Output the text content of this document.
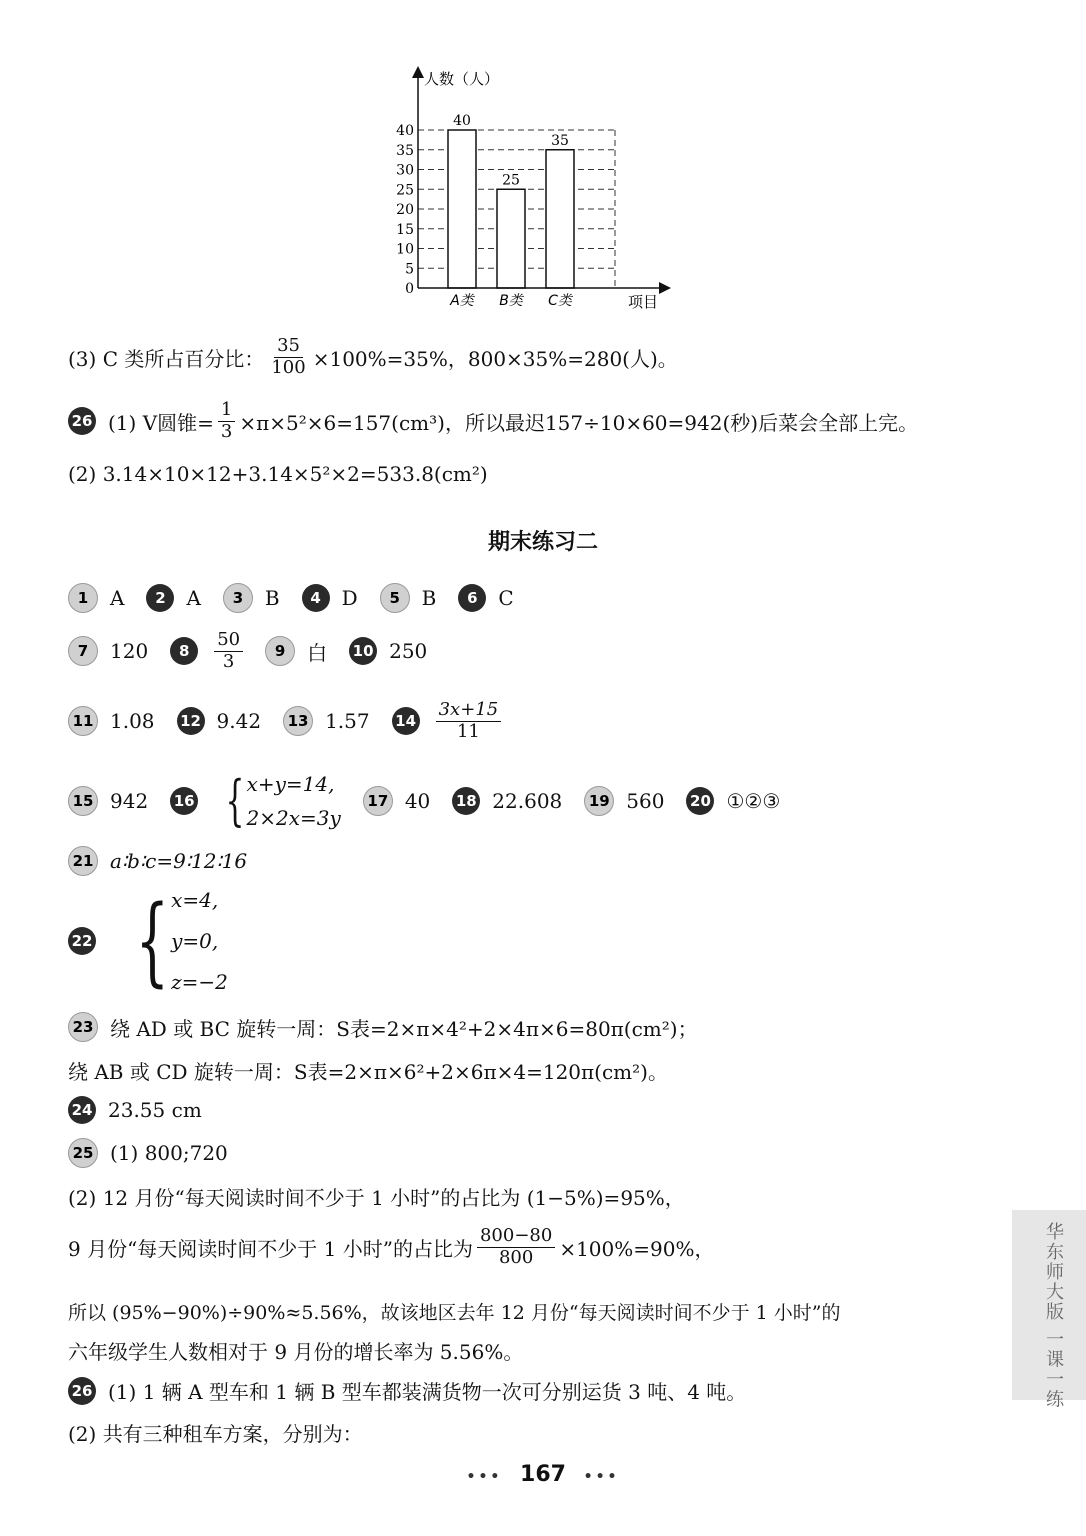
40
25
35
人数（人）
项目
0
5
10
15
20
25
30
35
40
A类 B类 C类
(3) C 类所占百分比： $\frac{35}{100} \times 100\%=35\%$，800×35%=280(人)。
26 (1) V圆锥= $\frac{1}{3} \times\pi\times 5^2\times 6=157(cm^3)$，所以最迟157÷10×60=942(秒)后菜会全部上完。
(2) 3.14×10×12+3.14×5²×2=533.8(cm²)
期末练习二
1	A	2	A	3	B	4	D	5	B	6	C
7	120	8	$\frac{50}{3}$	9	白 10 250
11 1.08 12 9.42	13 1.57 $14 \frac{3x+15}{11}$
15 942 16 { x+y=14,
2×2x=3y
17 40 18 22.608	19 560 20 ①②③
21 a∶b∶c=9∶12∶16
22 { x=4,
y=0,
z=−2
23 绕 AD 或 BC 旋转一周：S表=2×π×4²+2×4π×6=80π(cm²)；
绕 AB 或 CD 旋转一周：S表=2×π×6²+2×6π×4=120π(cm²)。
24 23.55 cm
25 (1) 800;720
(2) 12 月份“每天阅读时间不少于 1 小时”的占比为 (1−5%)=95%，
9 月份“每天阅读时间不少于 1 小时”的占比为 $\frac{800-80}{800} \times 100\%=90\%$，
所以 (95%−90%)÷90%≈5.56%，故该地区去年 12 月份“每天阅读时间不少于 1 小时”的
六年级学生人数相对于 9 月份的增长率为 5.56%。
26 (1) 1 辆 A 型车和 1 辆 B 型车都装满货物一次可分别运货 3 吨、4 吨。
(2) 共有三种租车方案，分别为：
华东师大版 一课一练
••• 167 •••
